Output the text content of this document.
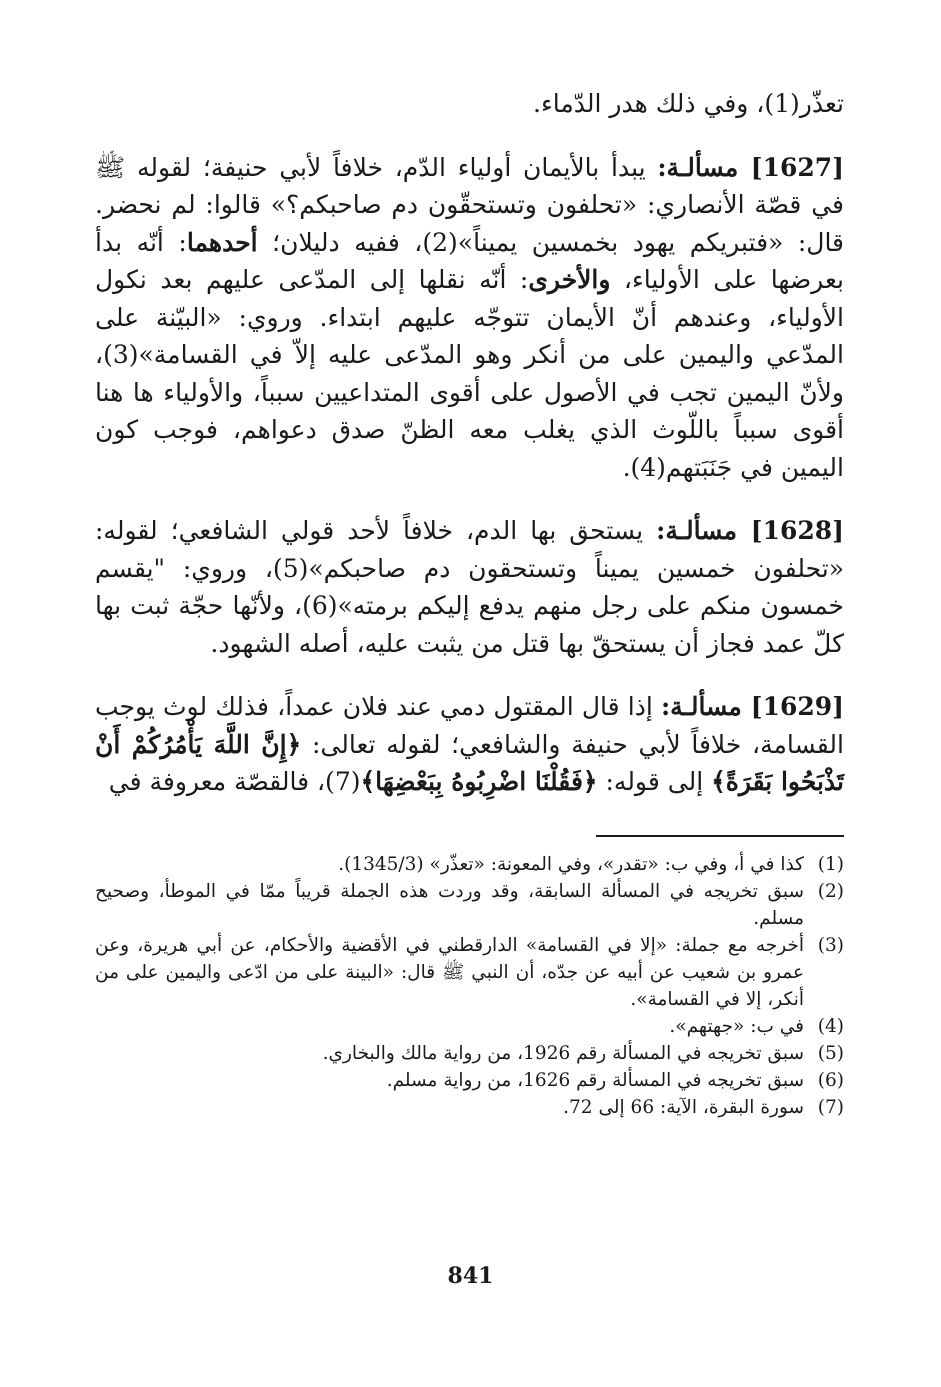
تعذّر(1)، وفي ذلك هدر الدّماء.

[1627] مسألـة: يبدأ بالأيمان أولياء الدّم، خلافاً لأبي حنيفة؛ لقوله ﷺ في قصّة الأنصاري: «تحلفون وتستحقّون دم صاحبكم؟» قالوا: لم نحضر. قال: «فتبريكم يهود بخمسين يميناً»(2)، ففيه دليلان؛ أحدهما: أنّه بدأ بعرضها على الأولياء، والأخرى: أنّه نقلها إلى المدّعى عليهم بعد نكول الأولياء، وعندهم أنّ الأيمان تتوجّه عليهم ابتداء. وروي: «البيّنة على المدّعي واليمين على من أنكر وهو المدّعى عليه إلاّ في القسامة»(3)، ولأنّ اليمين تجب في الأصول على أقوى المتداعيين سبباً، والأولياء ها هنا أقوى سبباً باللّوث الذي يغلب معه الظنّ صدق دعواهم، فوجب كون اليمين في جَنَبَتهم(4).

[1628] مسألـة: يستحق بها الدم، خلافاً لأحد قولي الشافعي؛ لقوله: «تحلفون خمسين يميناً وتستحقون دم صاحبكم»(5)، وروي: "يقسم خمسون منكم على رجل منهم يدفع إليكم برمته»(6)، ولأنّها حجّة ثبت بها كلّ عمد فجاز أن يستحقّ بها قتل من يثبت عليه، أصله الشهود.

[1629] مسألـة: إذا قال المقتول دمي عند فلان عمداً، فذلك لوث يوجب القسامة، خلافاً لأبي حنيفة والشافعي؛ لقوله تعالى: ﴿إِنَّ اللَّهَ يَأْمُرُكُمْ أَنْ تَذْبَحُوا بَقَرَةً﴾ إلى قوله: ﴿فَقُلْنَا اضْرِبُوهُ بِبَعْضِهَا﴾(7)، فالقصّة معروفة في

(1)
كذا في أ، وفي ب: «تقدر»، وفي المعونة: «تعذّر» (1345/3).
(2)
سبق تخريجه في المسألة السابقة، وقد وردت هذه الجملة قريباً ممّا في الموطأ، وصحيح مسلم.
(3)
أخرجه مع جملة: «إلا في القسامة» الدارقطني في الأقضية والأحكام، عن أبي هريرة، وعن عمرو بن شعيب عن أبيه عن جدّه، أن النبي ﷺ قال: «البينة على من ادّعى واليمين على من أنكر، إلا في القسامة».
(4)
في ب: «جهتهم».
(5)
سبق تخريجه في المسألة رقم 1926، من رواية مالك والبخاري.
(6)
سبق تخريجه في المسألة رقم 1626، من رواية مسلم.
(7)
سورة البقرة، الآية: 66 إلى 72.
841
